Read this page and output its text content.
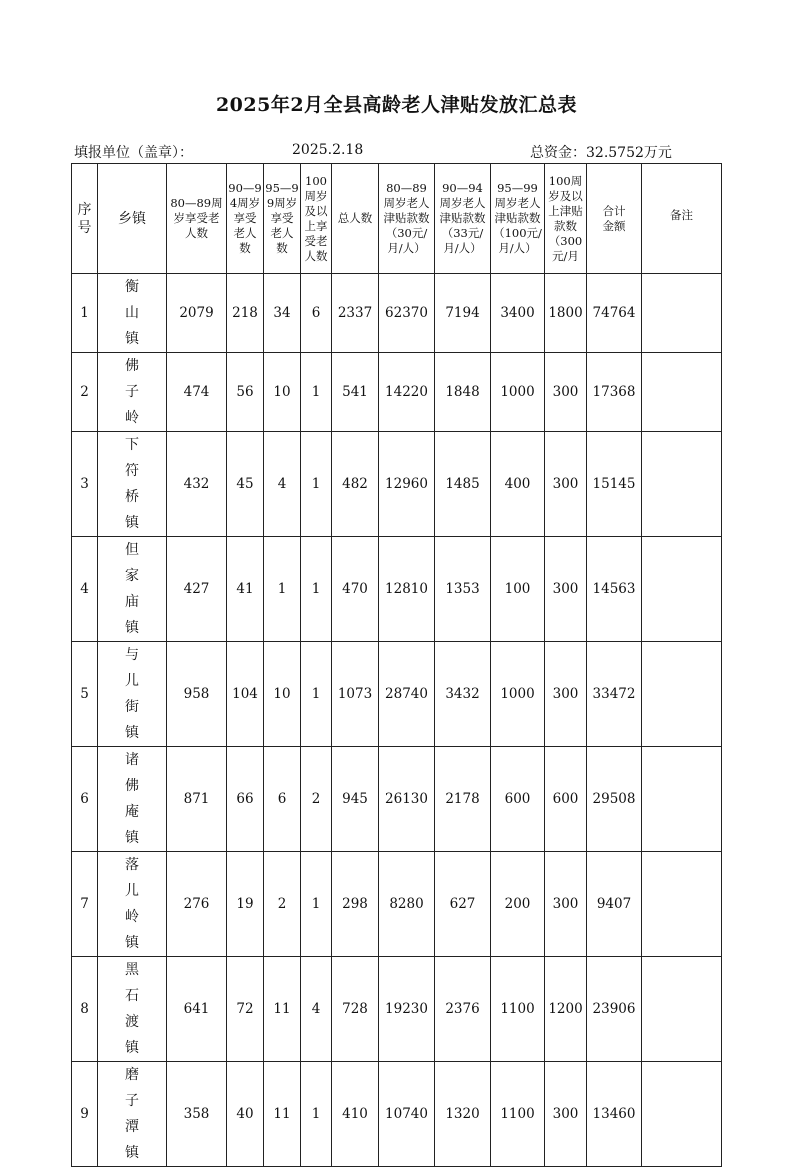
2025年2月全县高龄老人津贴发放汇总表
填报单位（盖章）：	2025.2.18	总资金：32.5752万元
序号	乡镇	80—89周岁享受老人数	90—94周岁享受老人数	95—99周岁享受老人数	100周岁及以上享受老人数	总人数	80—89周岁老人津贴款数（30元/月/人）	90—94周岁老人津贴款数（33元/月/人）	95—99周岁老人津贴款数（100元/月/人）	100周岁及以上津贴款数（300元/月	合计金额	备注
1	衡山镇	2079	218	34	6	2337	62370	7194	3400	1800	74764	
2	佛子岭	474	56	10	1	541	14220	1848	1000	300	17368	
3	下符桥镇	432	45	4	1	482	12960	1485	400	300	15145	
4	但家庙镇	427	41	1	1	470	12810	1353	100	300	14563	
5	与儿街镇	958	104	10	1	1073	28740	3432	1000	300	33472	
6	诸佛庵镇	871	66	6	2	945	26130	2178	600	600	29508	
7	落儿岭镇	276	19	2	1	298	8280	627	200	300	9407	
8	黑石渡镇	641	72	11	4	728	19230	2376	1100	1200	23906	
9	磨子潭镇	358	40	11	1	410	10740	1320	1100	300	13460	
